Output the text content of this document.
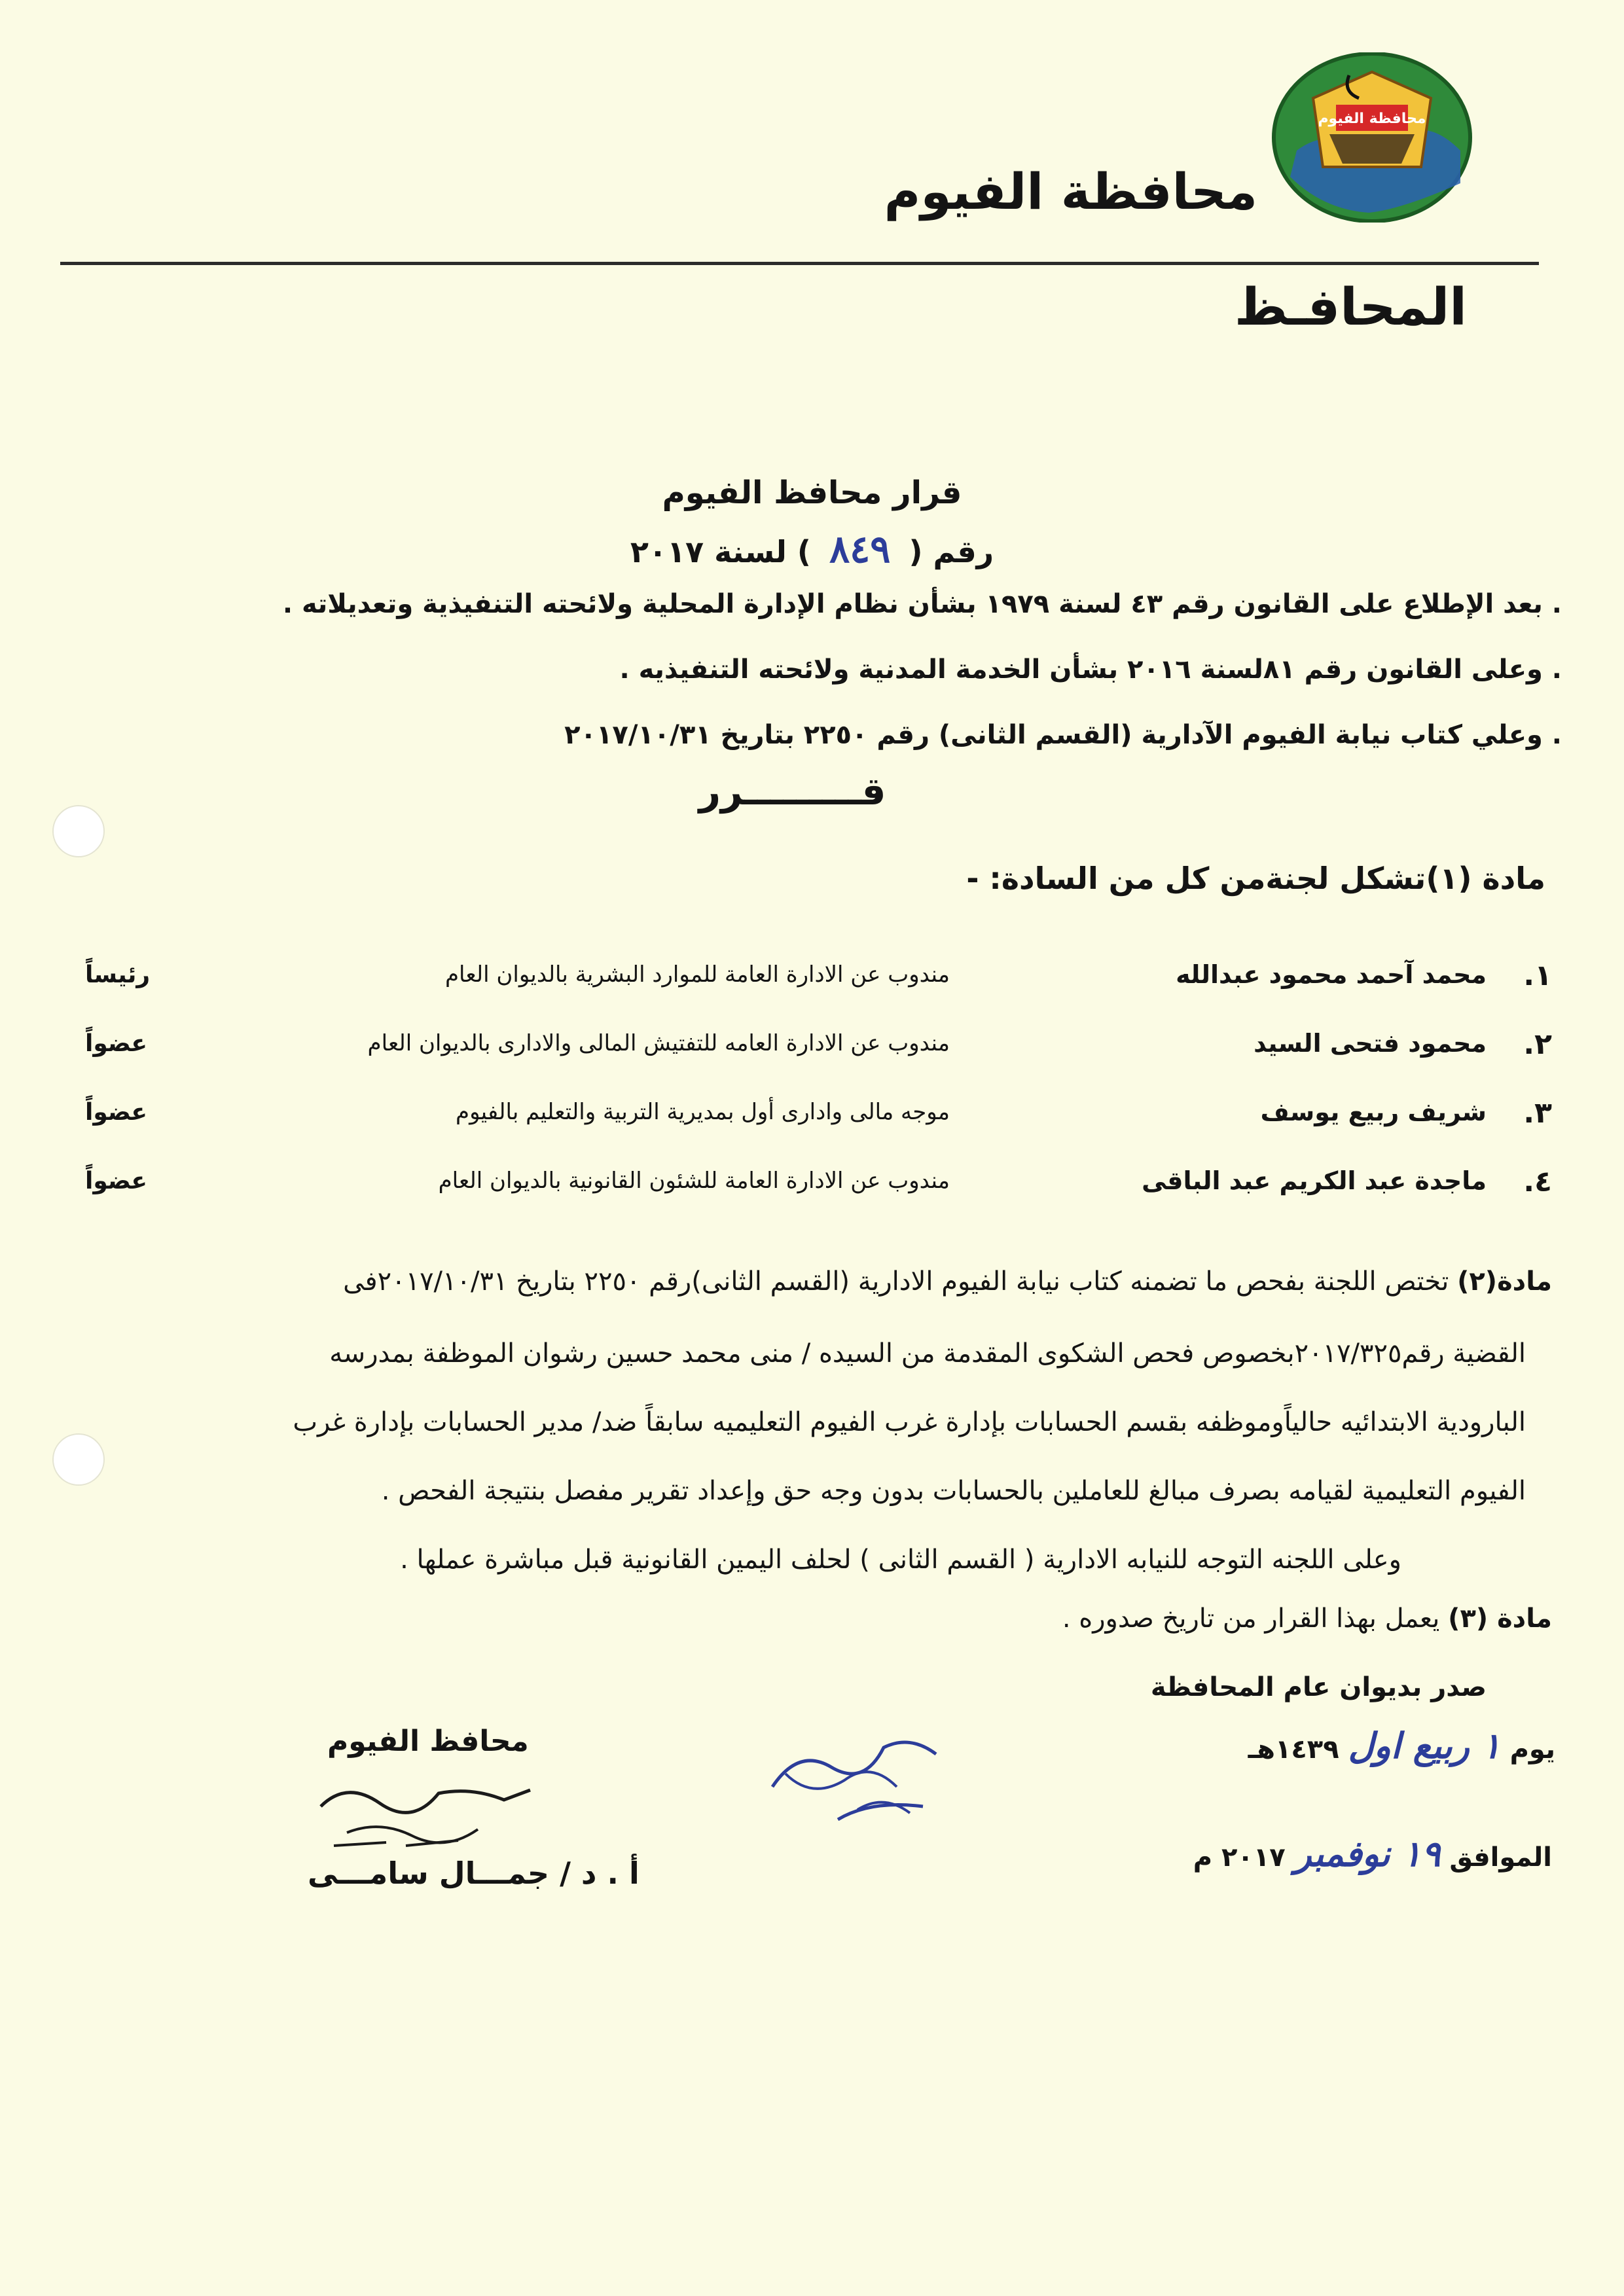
محافظة الفيوم
محافظة الفيوم
المحافـظ
قرار محافظ الفيوم
رقم ( ٨٤٩ ) لسنة ٢٠١٧
. بعد الإطلاع على القانون رقم ٤٣ لسنة ١٩٧٩ بشأن نظام الإدارة المحلية ولائحته التنفيذية وتعديلاته .
. وعلى القانون رقم ٨١لسنة ٢٠١٦ بشأن الخدمة المدنية ولائحته التنفيذيه .
. وعلي كتاب نيابة الفيوم الآدارية (القسم الثانى) رقم ٢٢٥٠ بتاريخ ٢٠١٧/١٠/٣١
قـــــــــرر
مادة (١)تشكل لجنةمن كل من السادة: -
١.
محمد آحمد محمود عبدالله
مندوب عن الادارة العامة للموارد البشرية بالديوان العام
رئيساً
٢.
محمود فتحى السيد
مندوب عن الادارة العامه للتفتيش المالى والادارى بالديوان العام
عضواً
٣.
شريف ربيع يوسف
موجه مالى وادارى أول بمديرية التربية والتعليم بالفيوم
عضواً
٤.
ماجدة عبد الكريم عبد الباقى
مندوب عن الادارة العامة للشئون القانونية بالديوان العام
عضواً
مادة(٢) تختص اللجنة بفحص ما تضمنه كتاب نيابة الفيوم الادارية (القسم الثانى)رقم ٢٢٥٠ بتاريخ ٢٠١٧/١٠/٣١فى
القضية رقم٢٠١٧/٣٢٥بخصوص فحص الشكوى المقدمة من السيده / منى محمد حسين رشوان الموظفة بمدرسه
البارودية الابتدائيه حالياًوموظفه بقسم الحسابات بإدارة غرب الفيوم التعليميه سابقاً ضد/ مدير الحسابات بإدارة غرب
الفيوم التعليمية لقيامه بصرف مبالغ للعاملين بالحسابات بدون وجه حق وإعداد تقرير مفصل بنتيجة الفحص .
وعلى اللجنه التوجه للنيابه الادارية ( القسم الثانى ) لحلف اليمين القانونية قبل مباشرة عملها .
مادة (٣) يعمل بهذا القرار من تاريخ صدوره .
صدر بديوان عام المحافظة
يوم ١ ربيع اول ١٤٣٩هـ
الموافق ١٩ نوفمبر ٢٠١٧ م
محافظ الفيوم
أ . د / جمـــال سامـــى
